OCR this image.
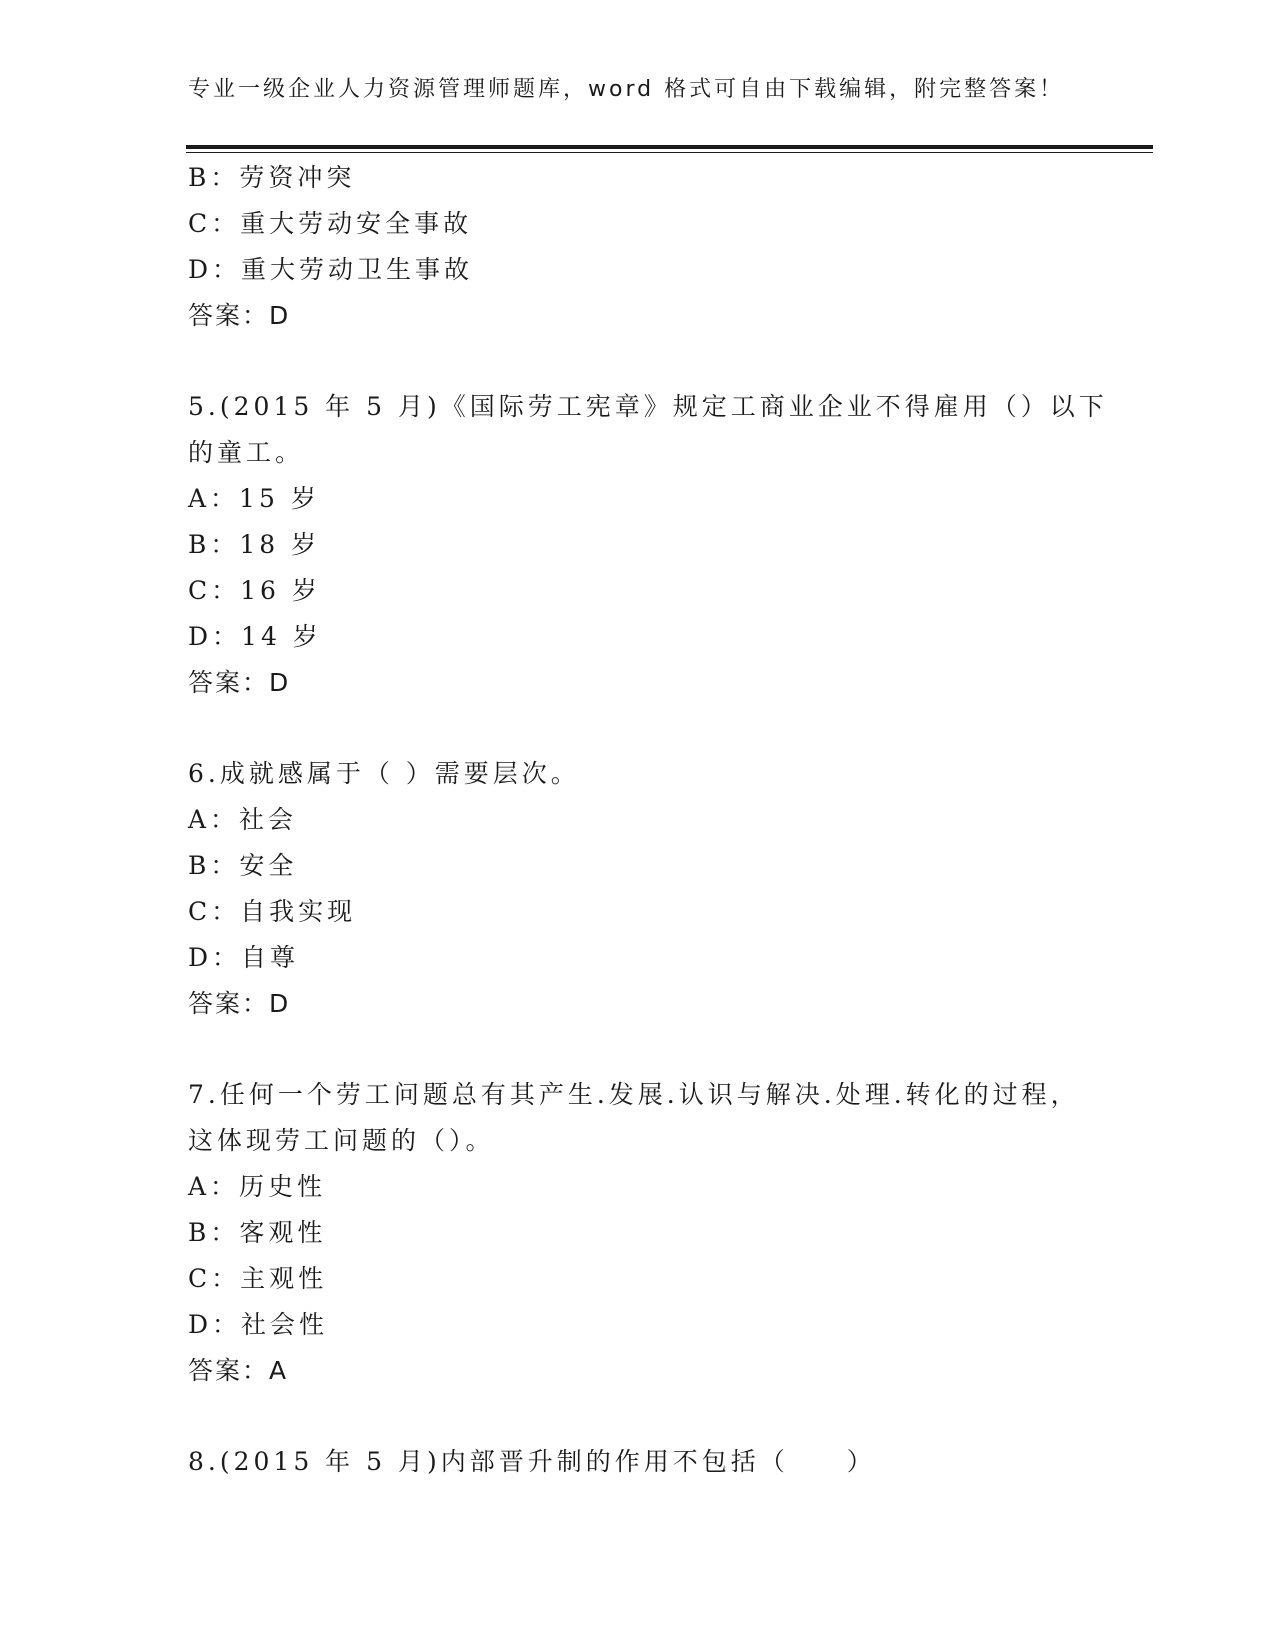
专业一级企业人力资源管理师题库，word 格式可自由下载编辑，附完整答案！
B：劳资冲突
C：重大劳动安全事故
D：重大劳动卫生事故
答案：D
5.(2015 年 5 月)《国际劳工宪章》规定工商业企业不得雇用（）以下
的童工。
A：15 岁
B：18 岁
C：16 岁
D：14 岁
答案：D
6.成就感属于（ ）需要层次。
A：社会
B：安全
C：自我实现
D：自尊
答案：D
7.任何一个劳工问题总有其产生.发展.认识与解决.处理.转化的过程，
这体现劳工问题的（）。
A：历史性
B：客观性
C：主观性
D：社会性
答案：A
8.(2015 年 5 月)内部晋升制的作用不包括（　　）
